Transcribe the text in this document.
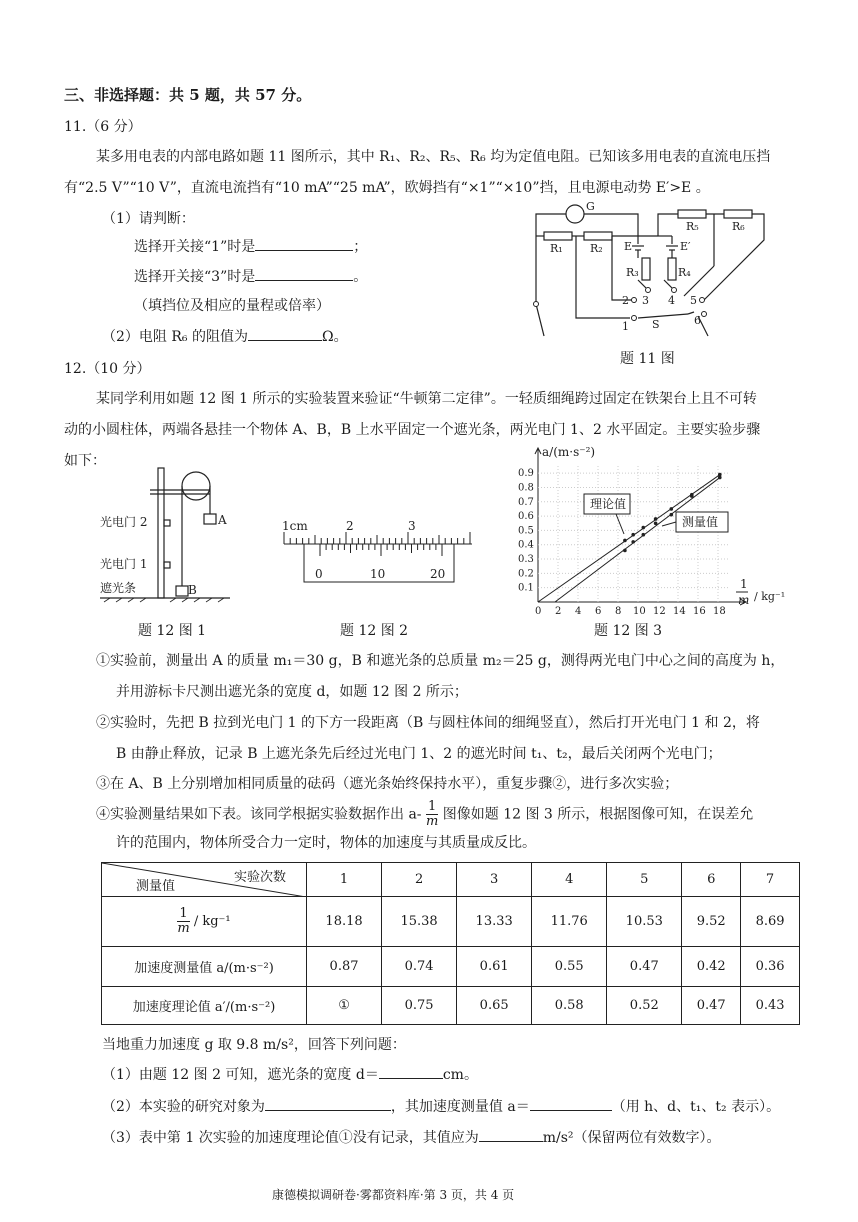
三、非选择题：共 5 题，共 57 分。
11.（6 分）
某多用电表的内部电路如题 11 图所示，其中 R₁、R₂、R₅、R₆ 均为定值电阻。已知该多用电表的直流电压挡
有“2.5 V”“10 V”，直流电流挡有“10 mA”“25 mA”，欧姆挡有“×1”“×10”挡，且电源电动势 E′>E 。
（1）请判断：
选择开关接“1”时是	；
选择开关接“3”时是	。
（填挡位及相应的量程或倍率）
（2）电阻 R₆ 的阻值为	Ω。
G
R₁ R₂
R₃	R₄
R₅	R₆
E	E′
3 4
2
1
5
6
S
题 11 图
12.（10 分）
某同学利用如题 12 图 1 所示的实验装置来验证“牛顿第二定律”。一轻质细绳跨过固定在铁架台上且不可转
动的小圆柱体，两端各悬挂一个物体 A、B，B 上水平固定一个遮光条，两光电门 1、2 水平固定。主要实验步骤
如下：
光电门 2
光电门 1
遮光条
A
B
题 12 图 1
1cm	2	3
0	10	20
题 12 图 2
0 2 4 6 8 10 12 14 16 18
0.1
0.2
0.3
0.4
0.5
0.6
0.7
0.8
0.9
a/(m·s⁻²)
1
m / kg⁻¹
理论值
测量值
题 12 图 3
①实验前，测量出 A 的质量 m₁＝30 g，B 和遮光条的总质量 m₂＝25 g，测得两光电门中心之间的高度为 h，
并用游标卡尺测出遮光条的宽度 d，如题 12 图 2 所示；
②实验时，先把 B 拉到光电门 1 的下方一段距离（B 与圆柱体间的细绳竖直），然后打开光电门 1 和 2，将
B 由静止释放，记录 B 上遮光条先后经过光电门 1、2 的遮光时间 t₁、t₂，最后关闭两个光电门；
③在 A、B 上分别增加相同质量的砝码（遮光条始终保持水平），重复步骤②，进行多次实验；
④实验测量结果如下表。该同学根据实验数据作出 $a- \frac{1}{m}$ 图像如题 12 图 3 所示，根据图像可知，在误差允
许的范围内，物体所受合力一定时，物体的加速度与其质量成反比。
实验次数
测量值	1	2	3	4	5	6	7

$\frac{1}{m} / kg^{-1}$	18.18	15.38	13.33	11.76	10.53	9.52	8.69
加速度测量值 a/(m·s⁻²)	0.87	0.74	0.61	0.55	0.47	0.42	0.36
加速度理论值 a′/(m·s⁻²)	①	0.75	0.65	0.58	0.52	0.47	0.43
当地重力加速度 g 取 9.8 m/s²，回答下列问题：
（1）由题 12 图 2 可知，遮光条的宽度 d＝	cm。
（2）本实验的研究对象为	，其加速度测量值 a＝	（用 h、d、t₁、t₂ 表示）。
（3）表中第 1 次实验的加速度理论值①没有记录，其值应为	m/s²（保留两位有效数字）。
康德模拟调研卷·雾都资料库·第 3 页，共 4 页
